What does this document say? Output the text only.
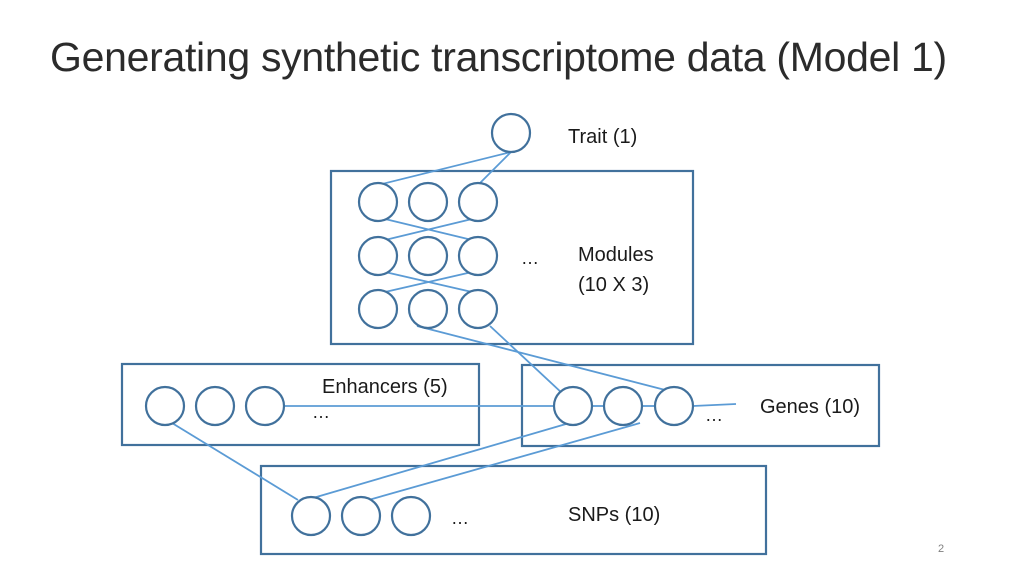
Generating synthetic transcriptome data (Model 1)
Trait (1)
… Modules
(10 X 3)
Enhancers (5)
…	… Genes (10)
…	SNPs (10)
2
